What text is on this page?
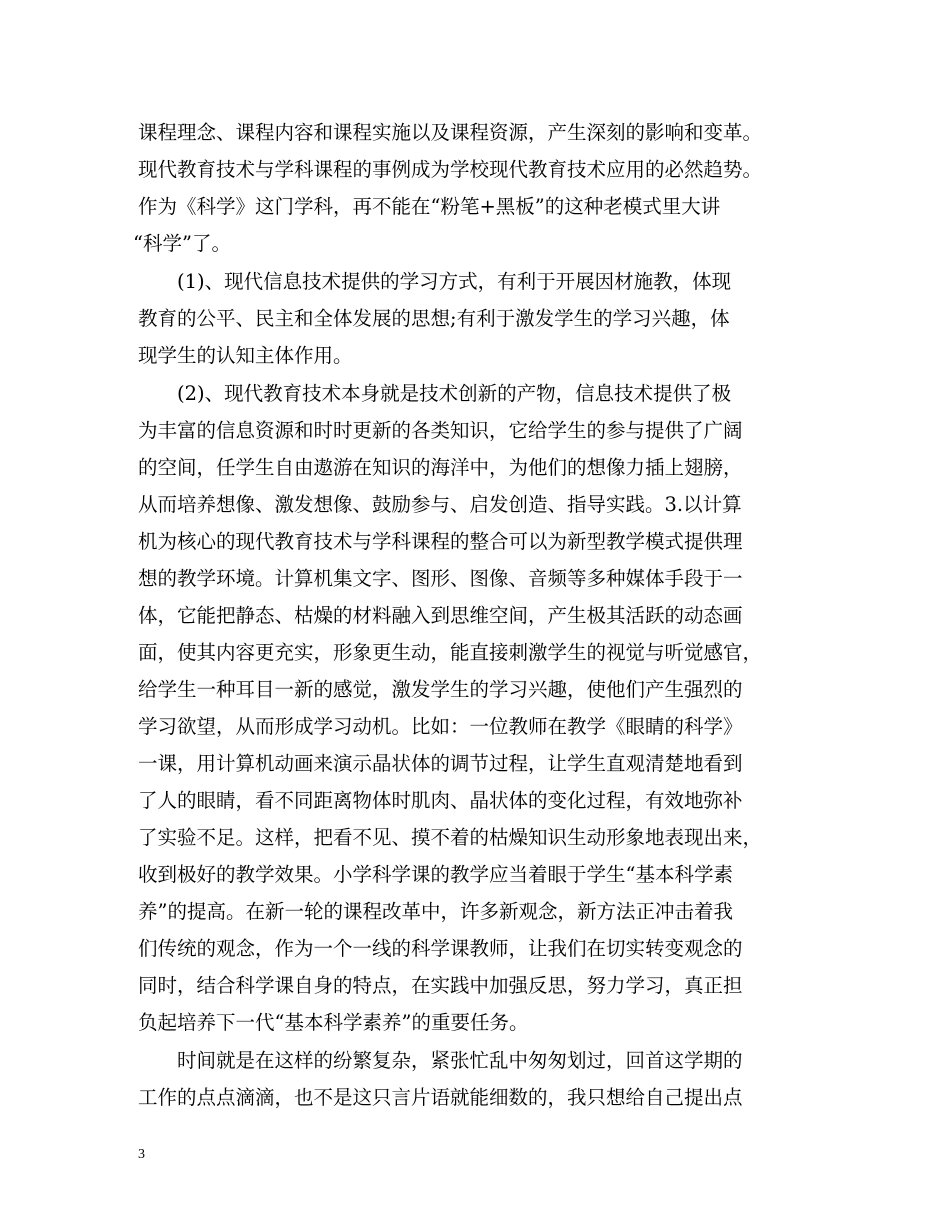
课程理念、课程内容和课程实施以及课程资源，产生深刻的影响和变革。
现代教育技术与学科课程的事例成为学校现代教育技术应用的必然趋势。
作为《科学》这门学科，再不能在“粉笔+黑板”的这种老模式里大讲
“科学”了。
(1)、现代信息技术提供的学习方式，有利于开展因材施教，体现
教育的公平、民主和全体发展的思想;有利于激发学生的学习兴趣，体
现学生的认知主体作用。
(2)、现代教育技术本身就是技术创新的产物，信息技术提供了极
为丰富的信息资源和时时更新的各类知识，它给学生的参与提供了广阔
的空间，任学生自由遨游在知识的海洋中，为他们的想像力插上翅膀，
从而培养想像、激发想像、鼓励参与、启发创造、指导实践。3.以计算
机为核心的现代教育技术与学科课程的整合可以为新型教学模式提供理
想的教学环境。计算机集文字、图形、图像、音频等多种媒体手段于一
体，它能把静态、枯燥的材料融入到思维空间，产生极其活跃的动态画
面，使其内容更充实，形象更生动，能直接刺激学生的视觉与听觉感官，
给学生一种耳目一新的感觉，激发学生的学习兴趣，使他们产生强烈的
学习欲望，从而形成学习动机。比如：一位教师在教学《眼睛的科学》
一课，用计算机动画来演示晶状体的调节过程，让学生直观清楚地看到
了人的眼睛，看不同距离物体时肌肉、晶状体的变化过程，有效地弥补
了实验不足。这样，把看不见、摸不着的枯燥知识生动形象地表现出来，
收到极好的教学效果。小学科学课的教学应当着眼于学生“基本科学素
养”的提高。在新一轮的课程改革中，许多新观念，新方法正冲击着我
们传统的观念，作为一个一线的科学课教师，让我们在切实转变观念的
同时，结合科学课自身的特点，在实践中加强反思，努力学习，真正担
负起培养下一代“基本科学素养”的重要任务。
时间就是在这样的纷繁复杂，紧张忙乱中匆匆划过，回首这学期的
工作的点点滴滴，也不是这只言片语就能细数的，我只想给自己提出点
3
